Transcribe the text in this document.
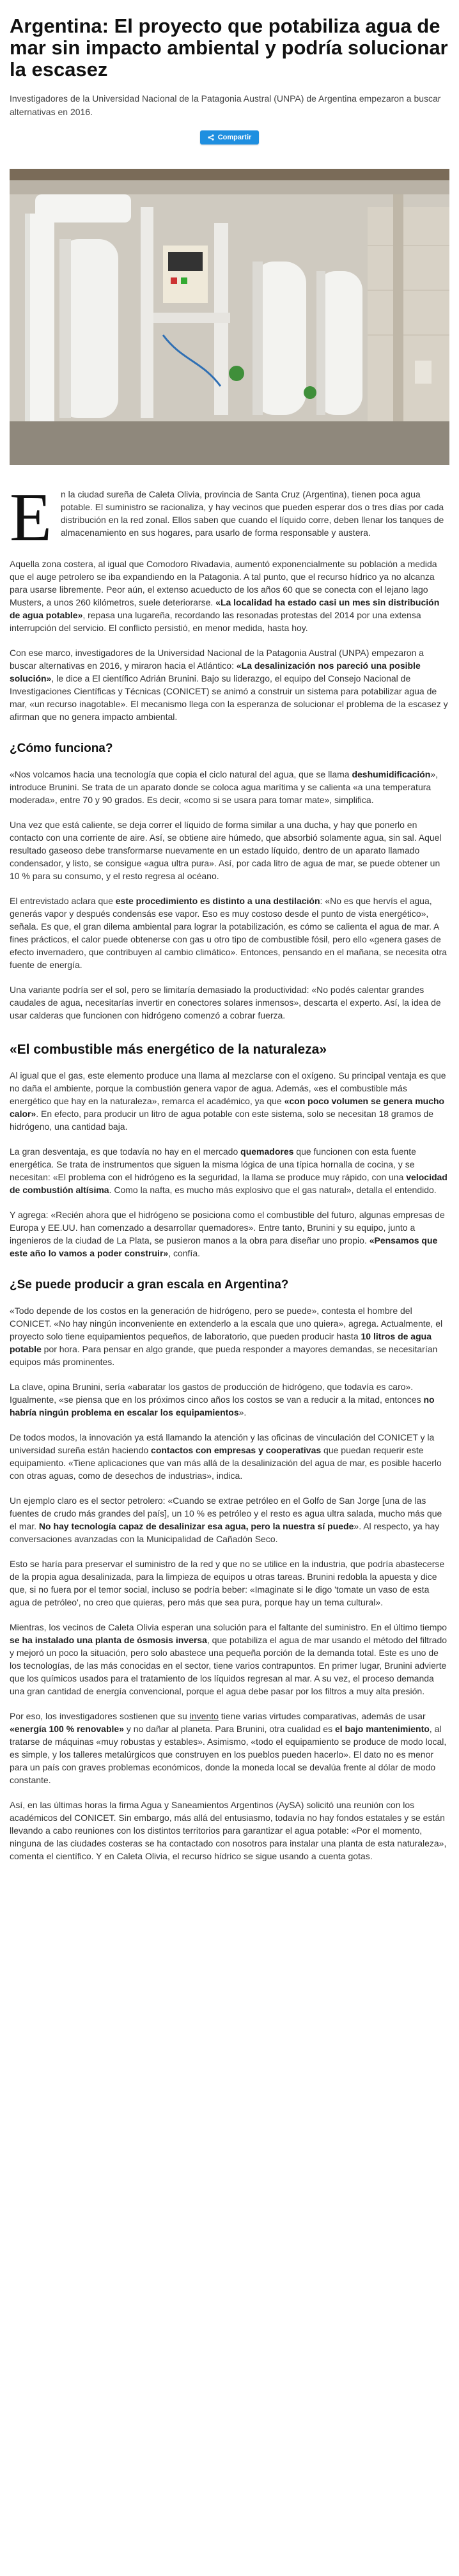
Argentina: El proyecto que potabiliza agua de mar sin impacto ambiental y podría solucionar la escasez

Investigadores de la Universidad Nacional de la Patagonia Austral (UNPA) de Argentina empezaron a buscar alternativas en 2016.

Compartir

E	n la ciudad sureña de Caleta Olivia, provincia de Santa Cruz (Argentina), tienen poca agua potable. El suministro se racionaliza, y hay vecinos que pueden esperar dos o tres días por cada distribución en la red zonal. Ellos saben que cuando el líquido corre, deben llenar los tanques de almacenamiento en sus hogares, para usarlo de forma responsable y austera.

Aquella zona costera, al igual que Comodoro Rivadavia, aumentó exponencialmente su población a medida que el auge petrolero se iba expandiendo en la Patagonia. A tal punto, que el recurso hídrico ya no alcanza para usarse libremente. Peor aún, el extenso acueducto de los años 60 que se conecta con el lejano lago Musters, a unos 260 kilómetros, suele deteriorarse. «La localidad ha estado casi un mes sin distribución de agua potable», repasa una lugareña, recordando las resonadas protestas del 2014 por una extensa interrupción del servicio. El conflicto persistió, en menor medida, hasta hoy.

Con ese marco, investigadores de la Universidad Nacional de la Patagonia Austral (UNPA) empezaron a buscar alternativas en 2016, y miraron hacia el Atlántico: «La desalinización nos pareció una posible solución», le dice a El científico Adrián Brunini. Bajo su liderazgo, el equipo del Consejo Nacional de Investigaciones Científicas y Técnicas (CONICET) se animó a construir un sistema para potabilizar agua de mar, «un recurso inagotable». El mecanismo llega con la esperanza de solucionar el problema de la escasez y afirman que no genera impacto ambiental.

¿Cómo funciona?

«Nos volcamos hacia una tecnología que copia el ciclo natural del agua, que se llama deshumidificación», introduce Brunini. Se trata de un aparato donde se coloca agua marítima y se calienta «a una temperatura moderada», entre 70 y 90 grados. Es decir, «como si se usara para tomar mate», simplifica.

Una vez que está caliente, se deja correr el líquido de forma similar a una ducha, y hay que ponerlo en contacto con una corriente de aire. Así, se obtiene aire húmedo, que absorbió solamente agua, sin sal. Aquel resultado gaseoso debe transformarse nuevamente en un estado líquido, dentro de un aparato llamado condensador, y listo, se consigue «agua ultra pura». Así, por cada litro de agua de mar, se puede obtener un 10 % para su consumo, y el resto regresa al océano.

El entrevistado aclara que este procedimiento es distinto a una destilación: «No es que hervís el agua, generás vapor y después condensás ese vapor. Eso es muy costoso desde el punto de vista energético», señala. Es que, el gran dilema ambiental para lograr la potabilización, es cómo se calienta el agua de mar. A fines prácticos, el calor puede obtenerse con gas u otro tipo de combustible fósil, pero ello «genera gases de efecto invernadero, que contribuyen al cambio climático». Entonces, pensando en el mañana, se necesita otra fuente de energía.

Una variante podría ser el sol, pero se limitaría demasiado la productividad: «No podés calentar grandes caudales de agua, necesitarías invertir en conectores solares inmensos», descarta el experto. Así, la idea de usar calderas que funcionen con hidrógeno comenzó a cobrar fuerza.

«El combustible más energético de la naturaleza»

Al igual que el gas, este elemento produce una llama al mezclarse con el oxígeno. Su principal ventaja es que no daña el ambiente, porque la combustión genera vapor de agua. Además, «es el combustible más energético que hay en la naturaleza», remarca el académico, ya que «con poco volumen se genera mucho calor». En efecto, para producir un litro de agua potable con este sistema, solo se necesitan 18 gramos de hidrógeno, una cantidad baja.

La gran desventaja, es que todavía no hay en el mercado quemadores que funcionen con esta fuente energética. Se trata de instrumentos que siguen la misma lógica de una típica hornalla de cocina, y se necesitan: «El problema con el hidrógeno es la seguridad, la llama se produce muy rápido, con una velocidad de combustión altísima. Como la nafta, es mucho más explosivo que el gas natural», detalla el entendido.

Y agrega: «Recién ahora que el hidrógeno se posiciona como el combustible del futuro, algunas empresas de Europa y EE.UU. han comenzado a desarrollar quemadores». Entre tanto, Brunini y su equipo, junto a ingenieros de la ciudad de La Plata, se pusieron manos a la obra para diseñar uno propio. «Pensamos que este año lo vamos a poder construir», confía.

¿Se puede producir a gran escala en Argentina?

«Todo depende de los costos en la generación de hidrógeno, pero se puede», contesta el hombre del CONICET. «No hay ningún inconveniente en extenderlo a la escala que uno quiera», agrega. Actualmente, el proyecto solo tiene equipamientos pequeños, de laboratorio, que pueden producir hasta 10 litros de agua potable por hora. Para pensar en algo grande, que pueda responder a mayores demandas, se necesitarían equipos más prominentes.

La clave, opina Brunini, sería «abaratar los gastos de producción de hidrógeno, que todavía es caro». Igualmente, «se piensa que en los próximos cinco años los costos se van a reducir a la mitad, entonces no habría ningún problema en escalar los equipamientos».

De todos modos, la innovación ya está llamando la atención y las oficinas de vinculación del CONICET y la universidad sureña están haciendo contactos con empresas y cooperativas que puedan requerir este equipamiento. «Tiene aplicaciones que van más allá de la desalinización del agua de mar, es posible hacerlo con otras aguas, como de desechos de industrias», indica.

Un ejemplo claro es el sector petrolero: «Cuando se extrae petróleo en el Golfo de San Jorge [una de las fuentes de crudo más grandes del país], un 10 % es petróleo y el resto es agua ultra salada, mucho más que el mar. No hay tecnología capaz de desalinizar esa agua, pero la nuestra sí puede». Al respecto, ya hay conversaciones avanzadas con la Municipalidad de Cañadón Seco.

Esto se haría para preservar el suministro de la red y que no se utilice en la industria, que podría abastecerse de la propia agua desalinizada, para la limpieza de equipos u otras tareas. Brunini redobla la apuesta y dice que, si no fuera por el temor social, incluso se podría beber: «Imaginate si le digo 'tomate un vaso de esta agua de petróleo', no creo que quieras, pero más que sea pura, porque hay un tema cultural».

Mientras, los vecinos de Caleta Olivia esperan una solución para el faltante del suministro. En el último tiempo se ha instalado una planta de ósmosis inversa, que potabiliza el agua de mar usando el método del filtrado y mejoró un poco la situación, pero solo abastece una pequeña porción de la demanda total. Este es uno de los tecnologías, de las más conocidas en el sector, tiene varios contrapuntos. En primer lugar, Brunini advierte que los químicos usados para el tratamiento de los líquidos regresan al mar. A su vez, el proceso demanda una gran cantidad de energía convencional, porque el agua debe pasar por los filtros a muy alta presión.

Por eso, los investigadores sostienen que su invento tiene varias virtudes comparativas, además de usar «energía 100 % renovable» y no dañar al planeta. Para Brunini, otra cualidad es el bajo mantenimiento, al tratarse de máquinas «muy robustas y estables». Asimismo, «todo el equipamiento se produce de modo local, es simple, y los talleres metalúrgicos que construyen en los pueblos pueden hacerlo». El dato no es menor para un país con graves problemas económicos, donde la moneda local se devalúa frente al dólar de modo constante.

Así, en las últimas horas la firma Agua y Saneamientos Argentinos (AySA) solicitó una reunión con los académicos del CONICET. Sin embargo, más allá del entusiasmo, todavía no hay fondos estatales y se están llevando a cabo reuniones con los distintos territorios para garantizar el agua potable: «Por el momento, ninguna de las ciudades costeras se ha contactado con nosotros para instalar una planta de esta naturaleza», comenta el científico. Y en Caleta Olivia, el recurso hídrico se sigue usando a cuenta gotas.
